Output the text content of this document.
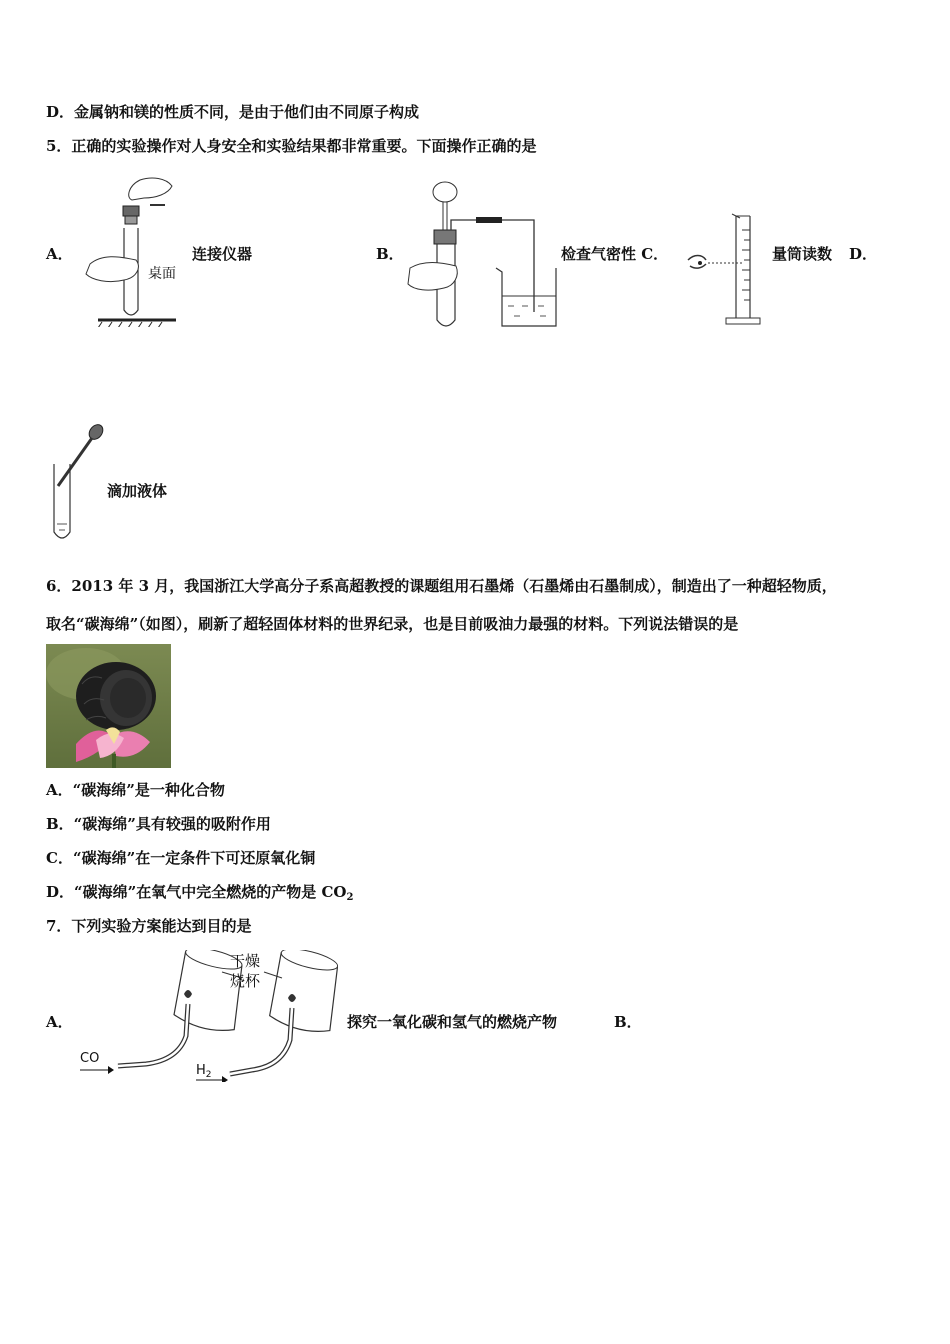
D．金属钠和镁的性质不同，是由于他们由不同原子构成
5．正确的实验操作对人身安全和实验结果都非常重要。下面操作正确的是
A．
桌面
连接仪器	B．	检查气密性 C．	量筒读数 D．
滴加液体
6．2013 年 3 月，我国浙江大学高分子系高超教授的课题组用石墨烯（石墨烯由石墨制成），制造出了一种超轻物质，
取名“碳海绵”（如图），刷新了超轻固体材料的世界纪录，也是目前吸油力最强的材料。下列说法错误的是
A．“碳海绵”是一种化合物
B．“碳海绵”具有较强的吸附作用
C．“碳海绵”在一定条件下可还原氧化铜
D．“碳海绵”在氧气中完全燃烧的产物是 $CO_2$
7．下列实验方案能达到目的是
A．
干燥
烧杯
CO
$H_2$
探究一氧化碳和氢气的燃烧产物	B．
